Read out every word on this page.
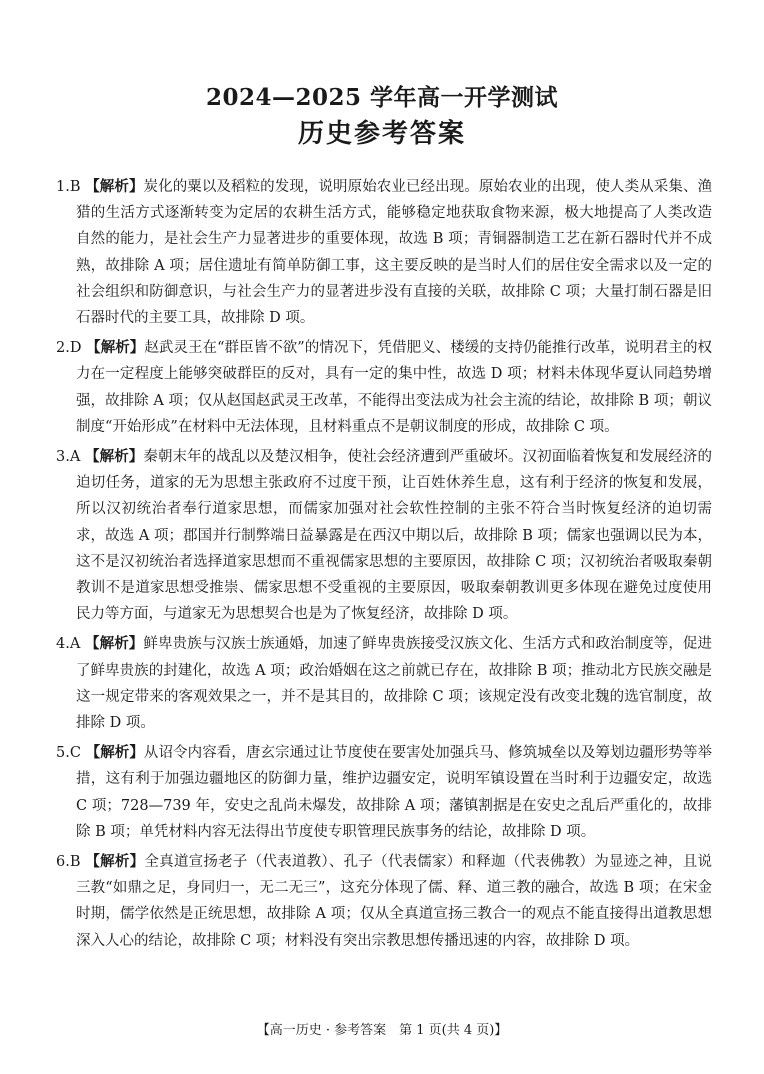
2024—2025 学年高一开学测试
历史参考答案

1.B 【解析】炭化的粟以及稻粒的发现，说明原始农业已经出现。原始农业的出现，使人类从采集、渔猎的生活方式逐渐转变为定居的农耕生活方式，能够稳定地获取食物来源，极大地提高了人类改造自然的能力，是社会生产力显著进步的重要体现，故选 B 项；青铜器制造工艺在新石器时代并不成熟，故排除 A 项；居住遗址有简单防御工事，这主要反映的是当时人们的居住安全需求以及一定的社会组织和防御意识，与社会生产力的显著进步没有直接的关联，故排除 C 项；大量打制石器是旧石器时代的主要工具，故排除 D 项。

2.D 【解析】赵武灵王在“群臣皆不欲”的情况下，凭借肥义、楼缓的支持仍能推行改革，说明君主的权力在一定程度上能够突破群臣的反对，具有一定的集中性，故选 D 项；材料未体现华夏认同趋势增强，故排除 A 项；仅从赵国赵武灵王改革，不能得出变法成为社会主流的结论，故排除 B 项；朝议制度“开始形成”在材料中无法体现，且材料重点不是朝议制度的形成，故排除 C 项。

3.A 【解析】秦朝末年的战乱以及楚汉相争，使社会经济遭到严重破坏。汉初面临着恢复和发展经济的迫切任务，道家的无为思想主张政府不过度干预，让百姓休养生息，这有利于经济的恢复和发展，所以汉初统治者奉行道家思想，而儒家加强对社会软性控制的主张不符合当时恢复经济的迫切需求，故选 A 项；郡国并行制弊端日益暴露是在西汉中期以后，故排除 B 项；儒家也强调以民为本，这不是汉初统治者选择道家思想而不重视儒家思想的主要原因，故排除 C 项；汉初统治者吸取秦朝教训不是道家思想受推崇、儒家思想不受重视的主要原因，吸取秦朝教训更多体现在避免过度使用民力等方面，与道家无为思想契合也是为了恢复经济，故排除 D 项。

4.A 【解析】鲜卑贵族与汉族士族通婚，加速了鲜卑贵族接受汉族文化、生活方式和政治制度等，促进了鲜卑贵族的封建化，故选 A 项；政治婚姻在这之前就已存在，故排除 B 项；推动北方民族交融是这一规定带来的客观效果之一，并不是其目的，故排除 C 项；该规定没有改变北魏的选官制度，故排除 D 项。

5.C 【解析】从诏令内容看，唐玄宗通过让节度使在要害处加强兵马、修筑城垒以及筹划边疆形势等举措，这有利于加强边疆地区的防御力量，维护边疆安定，说明军镇设置在当时利于边疆安定，故选 C 项；728—739 年，安史之乱尚未爆发，故排除 A 项；藩镇割据是在安史之乱后严重化的，故排除 B 项；单凭材料内容无法得出节度使专职管理民族事务的结论，故排除 D 项。

6.B 【解析】全真道宣扬老子（代表道教）、孔子（代表儒家）和释迦（代表佛教）为显迹之神，且说三教“如鼎之足，身同归一，无二无三”，这充分体现了儒、释、道三教的融合，故选 B 项；在宋金时期，儒学依然是正统思想，故排除 A 项；仅从全真道宣扬三教合一的观点不能直接得出道教思想深入人心的结论，故排除 C 项；材料没有突出宗教思想传播迅速的内容，故排除 D 项。

【高一历史 · 参考答案　第 1 页(共 4 页)】
